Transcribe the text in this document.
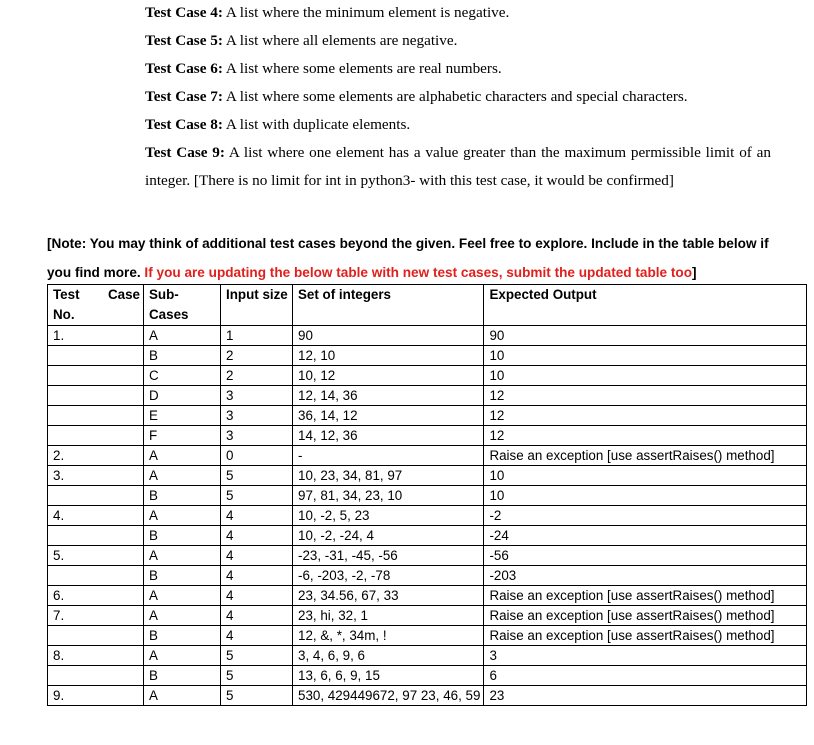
Test Case 4: A list where the minimum element is negative.
Test Case 5: A list where all elements are negative.
Test Case 6: A list where some elements are real numbers.
Test Case 7: A list where some elements are alphabetic characters and special characters.
Test Case 8: A list with duplicate elements.
Test Case 9: A list where one element has a value greater than the maximum permissible limit of an integer. [There is no limit for int in python3- with this test case, it would be confirmed]
[Note: You may think of additional test cases beyond the given. Feel free to explore. Include in the table below if you find more. If you are updating the below table with new test cases, submit the updated table too]
Test Case
No.	Sub- Cases	Input size	Set of integers	Expected Output
1.	A	1	90	90
	B	2	12, 10	10
	C	2	10, 12	10
	D	3	12, 14, 36	12
	E	3	36, 14, 12	12
	F	3	14, 12, 36	12
2.	A	0	-	Raise an exception [use assertRaises() method]
3.	A	5	10, 23, 34, 81, 97	10
	B	5	97, 81, 34, 23, 10	10
4.	A	4	10, -2, 5, 23	-2
	B	4	10, -2, -24, 4	-24
5.	A	4	-23, -31, -45, -56	-56
	B	4	-6, -203, -2, -78	-203
6.	A	4	23, 34.56, 67, 33	Raise an exception [use assertRaises() method]
7.	A	4	23, hi, 32, 1	Raise an exception [use assertRaises() method]
	B	4	12, &, *, 34m, !	Raise an exception [use assertRaises() method]
8.	A	5	3, 4, 6, 9, 6	3
	B	5	13, 6, 6, 9, 15	6
9.	A	5	530, 429449672, 97 23, 46, 59	23
